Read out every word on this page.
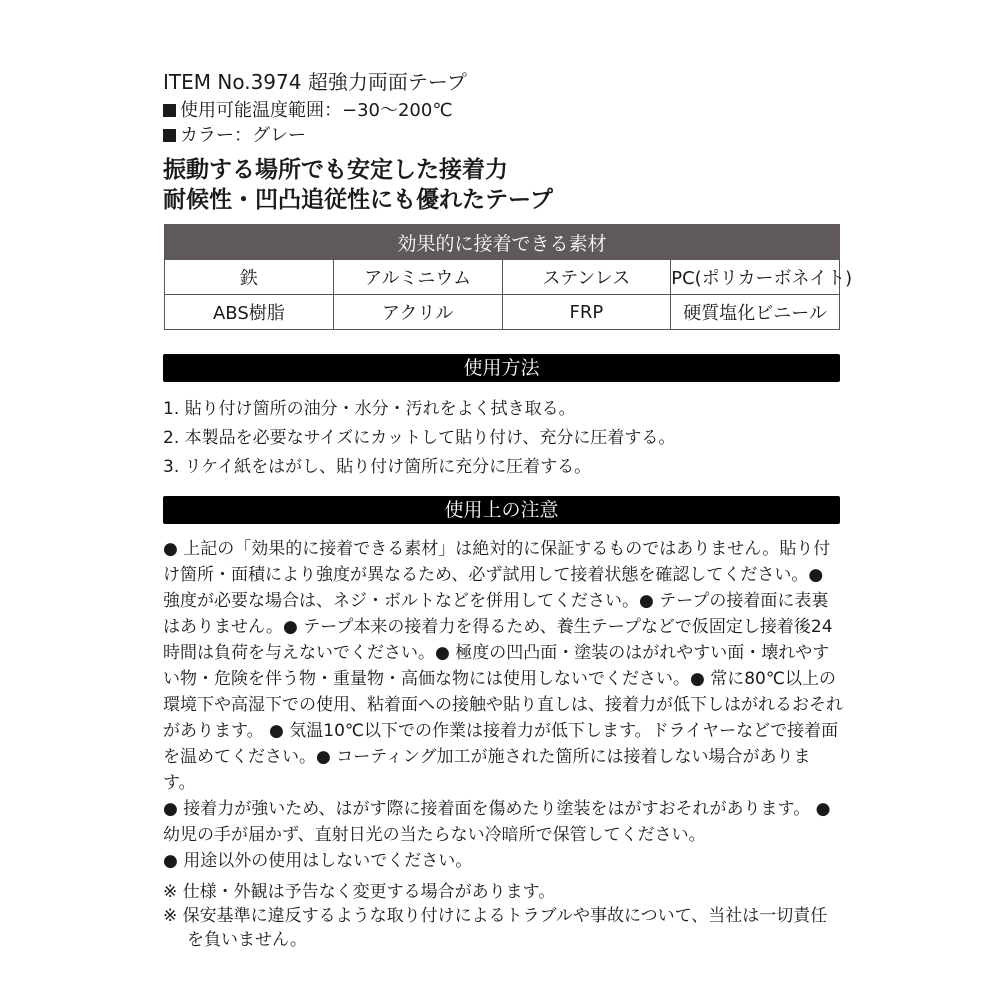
ITEM No.3974 超強力両面テープ
使用可能温度範囲：−30～200℃
カラー：グレー
振動する場所でも安定した接着力
耐候性・凹凸追従性にも優れたテープ
効果的に接着できる素材			
鉄	アルミニウム	ステンレス	PC(ポリカーボネイト)
ABS樹脂	アクリル	FRP	硬質塩化ビニール
使用方法
1. 貼り付け箇所の油分・水分・汚れをよく拭き取る。
2. 本製品を必要なサイズにカットして貼り付け、充分に圧着する。
3. リケイ紙をはがし、貼り付け箇所に充分に圧着する。
使用上の注意
● 上記の「効果的に接着できる素材」は絶対的に保証するものではありません。貼り付け箇所・面積により強度が異なるため、必ず試用して接着状態を確認してください。● 強度が必要な場合は、ネジ・ボルトなどを併用してください。● テープの接着面に表裏はありません。● テープ本来の接着力を得るため、養生テープなどで仮固定し接着後24時間は負荷を与えないでください。● 極度の凹凸面・塗装のはがれやすい面・壊れやすい物・危険を伴う物・重量物・高価な物には使用しないでください。● 常に80℃以上の環境下や高湿下での使用、粘着面への接触や貼り直しは、接着力が低下しはがれるおそれがあります。 ● 気温10℃以下での作業は接着力が低下します。ドライヤーなどで接着面を温めてください。● コーティング加工が施された箇所には接着しない場合があります。
● 接着力が強いため、はがす際に接着面を傷めたり塗装をはがすおそれがあります。 ● 幼児の手が届かず、直射日光の当たらない冷暗所で保管してください。
● 用途以外の使用はしないでください。
※ 仕様・外観は予告なく変更する場合があります。
※ 保安基準に違反するような取り付けによるトラブルや事故について、当社は一切責任を負いません。
